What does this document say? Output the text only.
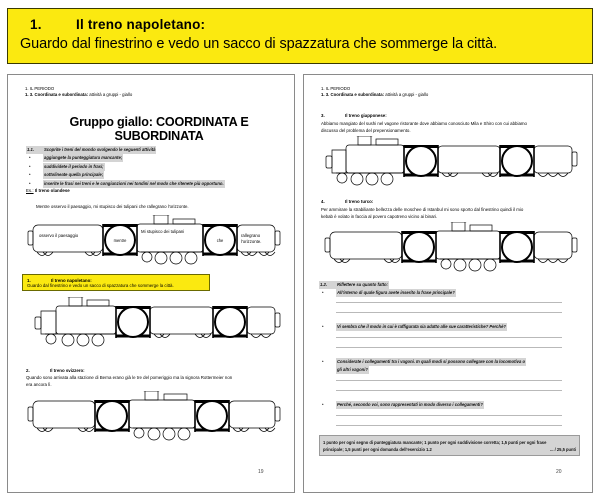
1.	Il treno napoletano:
Guardo dal finestrino e vedo un sacco di spazzatura che sommerge la città.
1. IL PERIODO
1. 3. Coordinata e subordinata: attività a gruppi - giallo
Gruppo giallo: COORDINATA E SUBORDINATA
1.1. Scoprite i treni del mondo svolgendo le seguenti attività
•	aggiungete la punteggiatura mancante;
•	suddividete il periodo in frasi;
•	sottolineate quella principale;
•	inserite le frasi nei treni e le congiunzioni nei tondini nel modo che ritenete più opportuno.
Es.: Il treno olandese
Mentre osservo il paesaggio, mi stupisco dei tulipani che rallegrano l'orizzonte.
osservo il paesaggio
mentre
Mi stupisco dei tulipani
che
rallegrano l'orizzonte.
1.	Il treno napoletano:
Guardo dal finestrino e vedo un sacco di spazzatura che sommerge la città.
2.	Il treno svizzero:
Quando sono arrivata alla stazione di Berna erano già le tre del pomeriggio ma la signora Rottermeier non
era ancora lì.
19
1. IL PERIODO
1. 3. Coordinata e subordinata: attività a gruppi - giallo
3.	Il treno giapponese:
Abbiamo mangiato del sushi nel vagone ristorante dove abbiamo conosciuto Mila e Shiro con cui abbiamo
discusso del problema del prepensionamento.
4.	Il treno turco:
Per ammirare la strabiliante bellezza delle moschee di Istanbul mi sono sporto dal finestrino quindi il mio
kebab è volato in faccia al povero capotreno vicino ai binari.
1.2. Riflettere su quanto fatto:
•	All'interno di quale figura avete inserito la frase principale?
•	Vi sembra che il modo in cui è raffigurata sia adatto alle sue caratteristiche? Perché?
•	Considerate i collegamenti tra i vagoni. In quali modi si possono collegare con la locomotiva o
gli altri vagoni?
•	Perché, secondo voi, sono rappresentati in modo diverso i collegamenti?
1 punto per ogni segno di punteggiatura mancante; 1 punto per ogni suddivisione corretta; 1,5 punti per ogni frase
... / 25,5 punti
principale; 1,5 punti per ogni domanda dell'esercizio 1.2
20
